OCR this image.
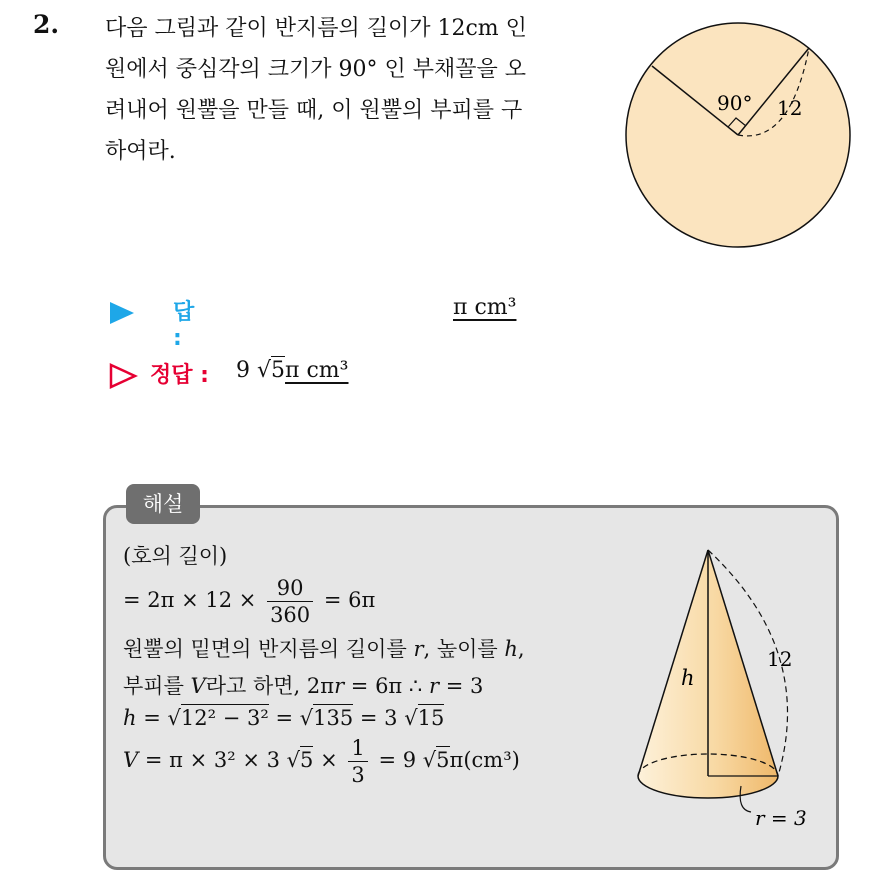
2. 다음 그림과 같이 반지름의 길이가 12cm 인
원에서 중심각의 크기가 90° 인 부채꼴을 오
려내어 원뿔을 만들 때, 이 원뿔의 부피를 구
하여라.
90° 12
답 :
π cm³
정답 : 9 √5π cm³
해설
(호의 길이)
= $2\pi \times 12 \times \frac{90}{360} = 6\pi$
원뿔의 밑면의 반지름의 길이를 r, 높이를 h,
부피를 V라고 하면, 2πr = 6π ∴ r = 3
h = √12² − 3² = √135 = 3 √15
V = π × 3² × 3 $√5 \times \frac{1}{3} = 9$ √5π(cm³)
h
12
r = 3
